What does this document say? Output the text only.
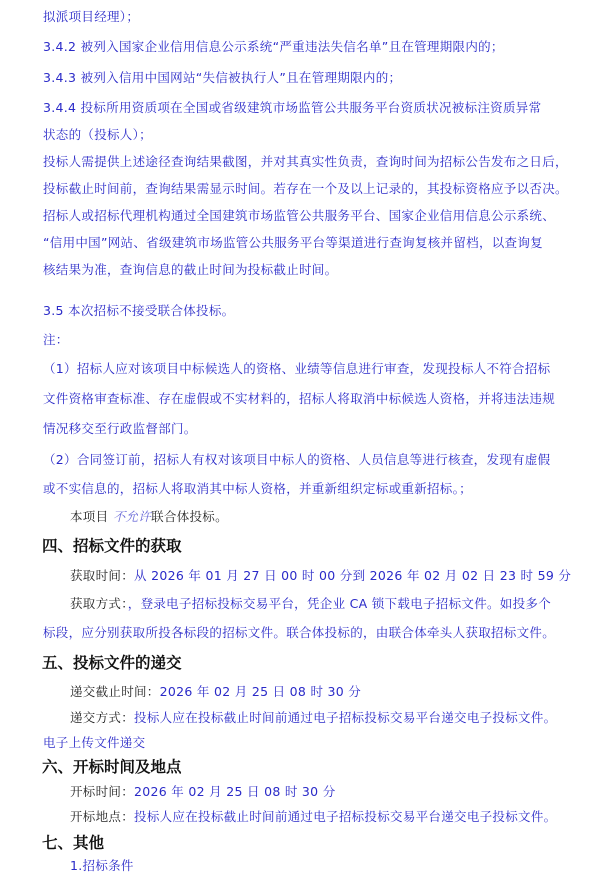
拟派项目经理）；
3.4.2 被列入国家企业信用信息公示系统“严重违法失信名单”且在管理期限内的；
3.4.3 被列入信用中国网站“失信被执行人”且在管理期限内的；
3.4.4 投标所用资质项在全国或省级建筑市场监管公共服务平台资质状况被标注资质异常
状态的（投标人）；
投标人需提供上述途径查询结果截图，并对其真实性负责，查询时间为招标公告发布之日后，
投标截止时间前，查询结果需显示时间。若存在一个及以上记录的，其投标资格应予以否决。
招标人或招标代理机构通过全国建筑市场监管公共服务平台、国家企业信用信息公示系统、
“信用中国”网站、省级建筑市场监管公共服务平台等渠道进行查询复核并留档，以查询复
核结果为准，查询信息的截止时间为投标截止时间。
3.5 本次招标不接受联合体投标。
注：
（1）招标人应对该项目中标候选人的资格、业绩等信息进行审查，发现投标人不符合招标
文件资格审查标准、存在虚假或不实材料的，招标人将取消中标候选人资格，并将违法违规
情况移交至行政监督部门。
（2）合同签订前，招标人有权对该项目中标人的资格、人员信息等进行核查，发现有虚假
或不实信息的，招标人将取消其中标人资格，并重新组织定标或重新招标。；
本项目 不允许联合体投标。
四、招标文件的获取
获取时间：从 2026 年 01 月 27 日 00 时 00 分到 2026 年 02 月 02 日 23 时 59 分
获取方式：，登录电子招标投标交易平台，凭企业 CA 锁下载电子招标文件。如投多个
标段，应分别获取所投各标段的招标文件。联合体投标的，由联合体牵头人获取招标文件。
五、投标文件的递交
递交截止时间：2026 年 02 月 25 日 08 时 30 分
递交方式：投标人应在投标截止时间前通过电子招标投标交易平台递交电子投标文件。
电子上传文件递交
六、开标时间及地点
开标时间：2026 年 02 月 25 日 08 时 30 分
开标地点：投标人应在投标截止时间前通过电子招标投标交易平台递交电子投标文件。
七、其他
1.招标条件
